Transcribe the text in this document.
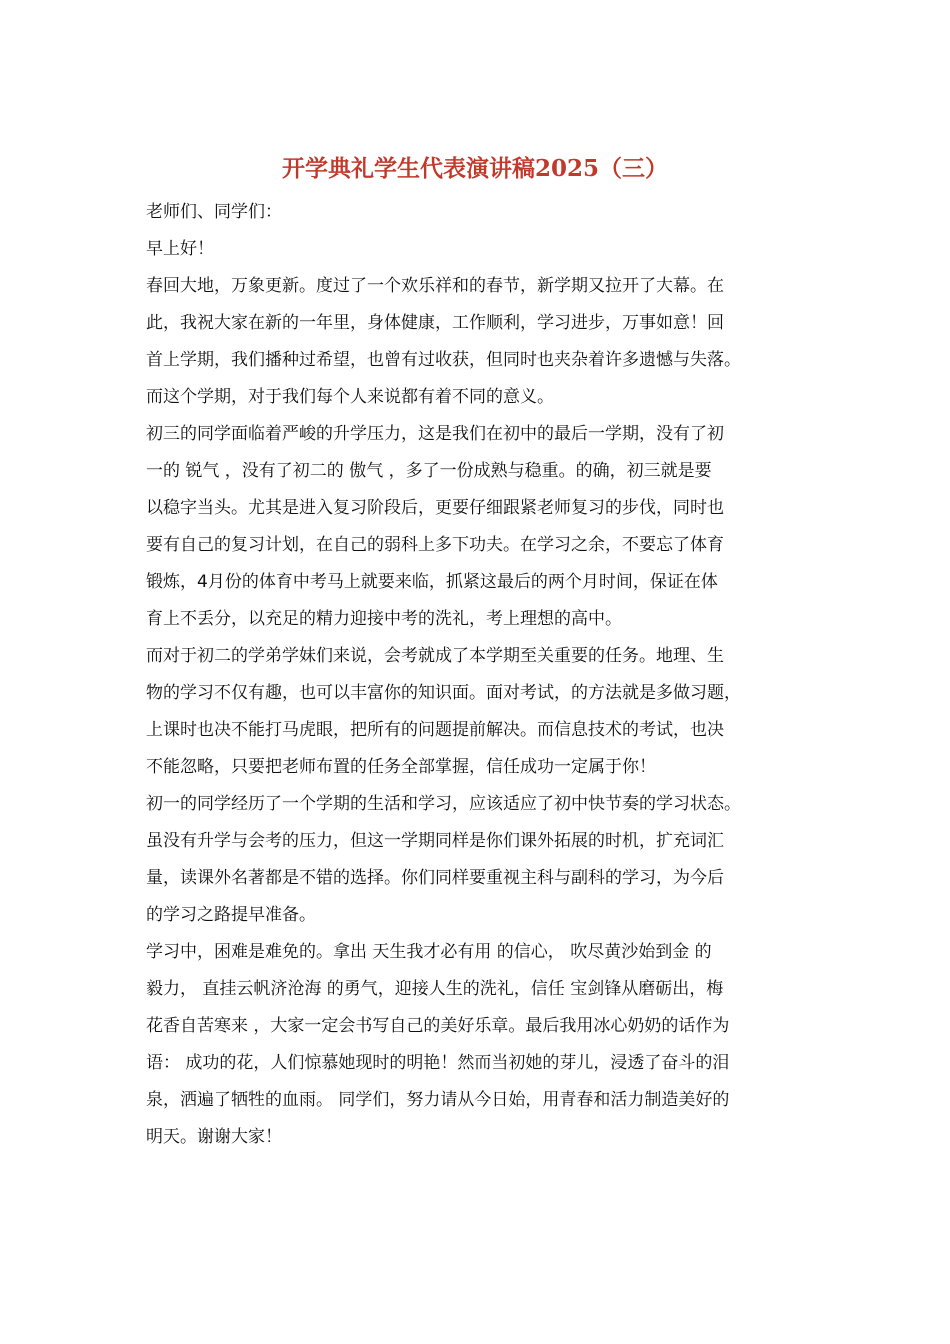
开学典礼学生代表演讲稿2025（三）
老师们、同学们：
早上好！
春回大地，万象更新。度过了一个欢乐祥和的春节，新学期又拉开了大幕。在
此，我祝大家在新的一年里，身体健康，工作顺利，学习进步，万事如意！回
首上学期，我们播种过希望，也曾有过收获，但同时也夹杂着许多遗憾与失落。
而这个学期，对于我们每个人来说都有着不同的意义。
初三的同学面临着严峻的升学压力，这是我们在初中的最后一学期，没有了初
一的 锐气 ，没有了初二的 傲气 ，多了一份成熟与稳重。的确，初三就是要
以稳字当头。尤其是进入复习阶段后，更要仔细跟紧老师复习的步伐，同时也
要有自己的复习计划，在自己的弱科上多下功夫。在学习之余，不要忘了体育
锻炼，4月份的体育中考马上就要来临，抓紧这最后的两个月时间，保证在体
育上不丢分，以充足的精力迎接中考的洗礼，考上理想的高中。
而对于初二的学弟学妹们来说，会考就成了本学期至关重要的任务。地理、生
物的学习不仅有趣，也可以丰富你的知识面。面对考试，的方法就是多做习题，
上课时也决不能打马虎眼，把所有的问题提前解决。而信息技术的考试，也决
不能忽略，只要把老师布置的任务全部掌握，信任成功一定属于你！
初一的同学经历了一个学期的生活和学习，应该适应了初中快节奏的学习状态。
虽没有升学与会考的压力，但这一学期同样是你们课外拓展的时机，扩充词汇
量，读课外名著都是不错的选择。你们同样要重视主科与副科的学习，为今后
的学习之路提早准备。
学习中，困难是难免的。拿出 天生我才必有用 的信心， 吹尽黄沙始到金 的
毅力， 直挂云帆济沧海 的勇气，迎接人生的洗礼，信任 宝剑锋从磨砺出，梅
花香自苦寒来 ，大家一定会书写自己的美好乐章。最后我用冰心奶奶的话作为
语： 成功的花，人们惊慕她现时的明艳！然而当初她的芽儿，浸透了奋斗的泪
泉，洒遍了牺牲的血雨。 同学们，努力请从今日始，用青春和活力制造美好的
明天。谢谢大家！
